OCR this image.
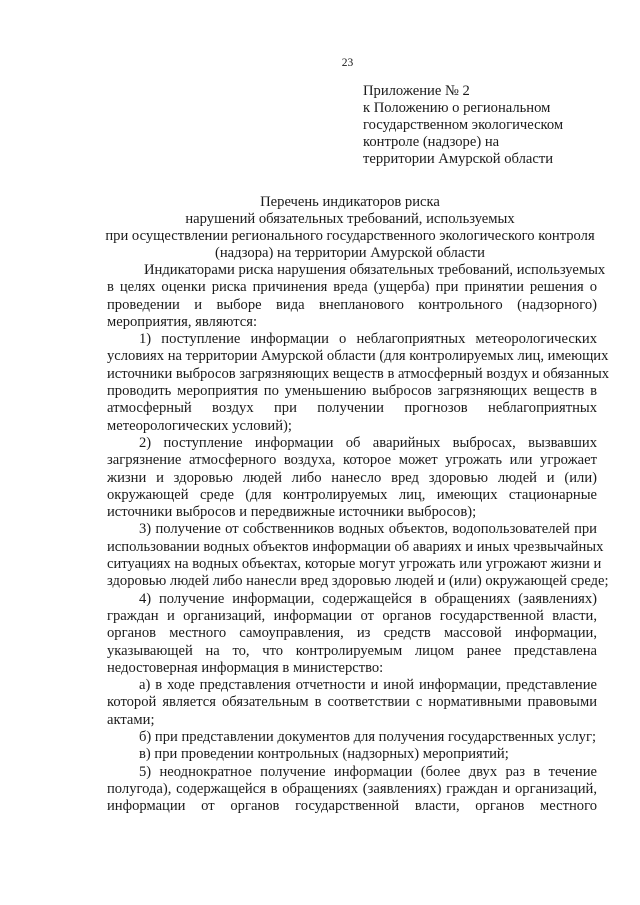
23
Приложение № 2
к Положению о региональном
государственном экологическом
контроле (надзоре) на
территории Амурской области
Перечень индикаторов риска
нарушений обязательных требований, используемых
при осуществлении регионального государственного экологического контроля
(надзора) на территории Амурской области
Индикаторами риска нарушения обязательных требований, используемых
в целях оценки риска причинения вреда (ущерба) при принятии решения о
проведении и выборе вида внепланового контрольного (надзорного)
мероприятия, являются:
1) поступление информации о неблагоприятных метеорологических
условиях на территории Амурской области (для контролируемых лиц, имеющих
источники выбросов загрязняющих веществ в атмосферный воздух и обязанных
проводить мероприятия по уменьшению выбросов загрязняющих веществ в
атмосферный воздух при получении прогнозов неблагоприятных
метеорологических условий);
2) поступление информации об аварийных выбросах, вызвавших
загрязнение атмосферного воздуха, которое может угрожать или угрожает
жизни и здоровью людей либо нанесло вред здоровью людей и (или)
окружающей среде (для контролируемых лиц, имеющих стационарные
источники выбросов и передвижные источники выбросов);
3) получение от собственников водных объектов, водопользователей при
использовании водных объектов информации об авариях и иных чрезвычайных
ситуациях на водных объектах, которые могут угрожать или угрожают жизни и
здоровью людей либо нанесли вред здоровью людей и (или) окружающей среде;
4) получение информации, содержащейся в обращениях (заявлениях)
граждан и организаций, информации от органов государственной власти,
органов местного самоуправления, из средств массовой информации,
указывающей на то, что контролируемым лицом ранее представлена
недостоверная информация в министерство:
а) в ходе представления отчетности и иной информации, представление
которой является обязательным в соответствии с нормативными правовыми
актами;
б) при представлении документов для получения государственных услуг;
в) при проведении контрольных (надзорных) мероприятий;
5) неоднократное получение информации (более двух раз в течение
полугода), содержащейся в обращениях (заявлениях) граждан и организаций,
информации от органов государственной власти, органов местного
